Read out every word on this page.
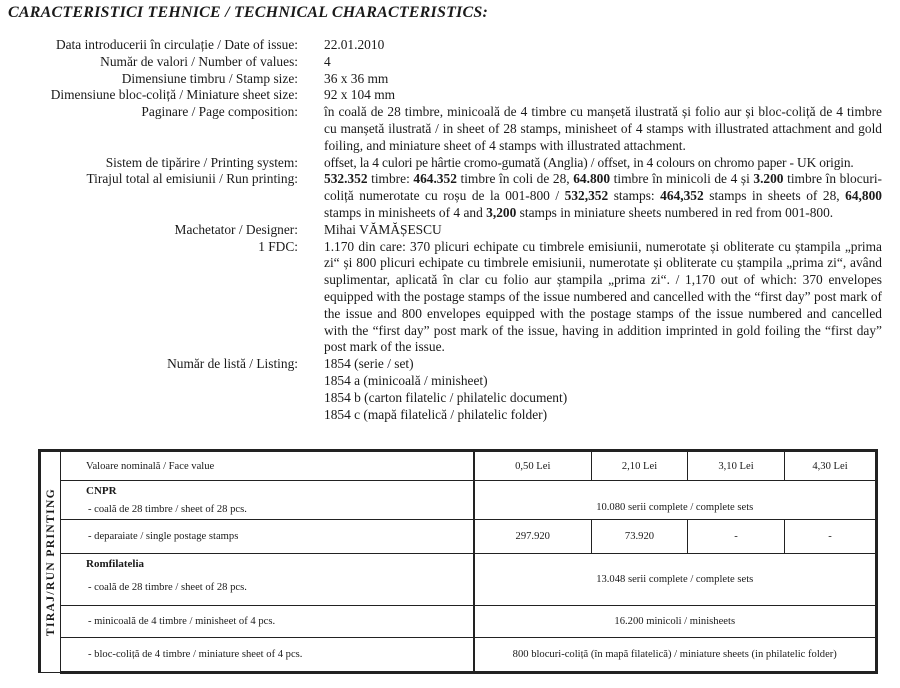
CARACTERISTICI TEHNICE / TECHNICAL CHARACTERISTICS:
Data introducerii în circulație / Date of issue: 22.01.2010
Număr de valori / Number of values: 4
Dimensiune timbru / Stamp size: 36 x 36 mm
Dimensiune bloc-coliță / Miniature sheet size: 92 x 104 mm
Paginare / Page composition: în coală de 28 timbre, minicoală de 4 timbre cu manșetă ilustrată și folio aur și bloc-coliță de 4 timbre cu manșetă ilustrată / in sheet of 28 stamps, minisheet of 4 stamps with illustrated attachment and gold foiling, and miniature sheet of 4 stamps with illustrated attachment.
Sistem de tipărire / Printing system: offset, la 4 culori pe hârtie cromo-gumată (Anglia) / offset, in 4 colours on chromo paper - UK origin.
Tirajul total al emisiunii / Run printing: 532.352 timbre: 464.352 timbre în coli de 28, 64.800 timbre în minicoli de 4 și 3.200 timbre în blocuri-coliță numerotate cu roșu de la 001-800 / 532,352 stamps: 464,352 stamps in sheets of 28, 64,800 stamps in minisheets of 4 and 3,200 stamps in miniature sheets numbered in red from 001-800.
Machetator / Designer: Mihai VĂMĂȘESCU
1 FDC: 1.170 din care: 370 plicuri echipate cu timbrele emisiunii, numerotate și obliterate cu ștampila „prima zi“ și 800 plicuri echipate cu timbrele emisiunii, numerotate și obliterate cu ștampila „prima zi“, având suplimentar, aplicată în clar cu folio aur ștampila „prima zi“. / 1,170 out of which: 370 envelopes equipped with the postage stamps of the issue numbered and cancelled with the “first day” post mark of the issue and 800 envelopes equipped with the postage stamps of the issue numbered and cancelled with the “first day” post mark of the issue, having in addition imprinted in gold foiling the “first day” post mark of the issue.
Număr de listă / Listing: 1854 (serie / set)
1854 a (minicoală / minisheet)
1854 b (carton filatelic / philatelic document)
1854 c (mapă filatelică / philatelic folder)
TIRAJ/RUN PRINTING	Valoare nominală / Face value	0,50 Lei	2,10 Lei	3,10 Lei	4,30 Lei
	CNPR
- coală de 28 timbre / sheet of 28 pcs.	10.080 serii complete / complete sets			
	- deparaiate / single postage stamps	297.920	73.920	-	-
	Romfilatelia
- coală de 28 timbre / sheet of 28 pcs.	13.048 serii complete / complete sets			
	- minicoală de 4 timbre / minisheet of 4 pcs.	16.200 minicoli / minisheets			
	- bloc-coliță de 4 timbre / miniature sheet of 4 pcs.	800 blocuri-coliță (în mapă filatelică) / miniature sheets (in philatelic folder)			
